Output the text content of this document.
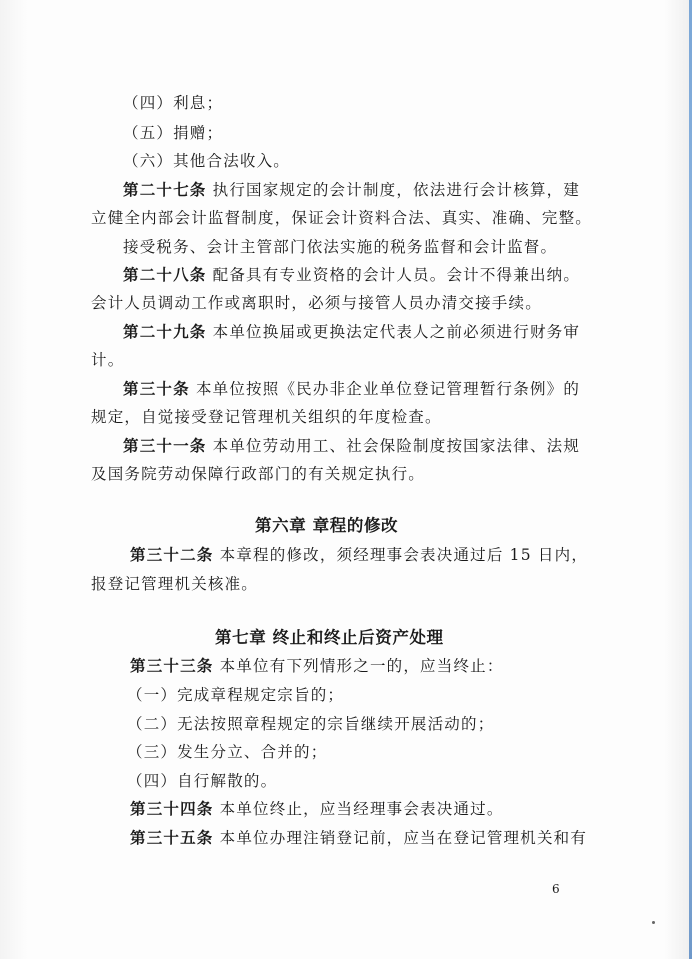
（四）利息；
（五）捐赠；
（六）其他合法收入。
第二十七条 执行国家规定的会计制度，依法进行会计核算，建
立健全内部会计监督制度，保证会计资料合法、真实、准确、完整。
接受税务、会计主管部门依法实施的税务监督和会计监督。
第二十八条 配备具有专业资格的会计人员。会计不得兼出纳。
会计人员调动工作或离职时，必须与接管人员办清交接手续。
第二十九条 本单位换届或更换法定代表人之前必须进行财务审
计。
第三十条 本单位按照《民办非企业单位登记管理暂行条例》的
规定，自觉接受登记管理机关组织的年度检查。
第三十一条 本单位劳动用工、社会保险制度按国家法律、法规
及国务院劳动保障行政部门的有关规定执行。
第六章 章程的修改
第三十二条 本章程的修改，须经理事会表决通过后 15 日内，
报登记管理机关核准。
第七章 终止和终止后资产处理
第三十三条 本单位有下列情形之一的，应当终止：
（一）完成章程规定宗旨的；
（二）无法按照章程规定的宗旨继续开展活动的；
（三）发生分立、合并的；
（四）自行解散的。
第三十四条 本单位终止，应当经理事会表决通过。
第三十五条 本单位办理注销登记前，应当在登记管理机关和有
6
